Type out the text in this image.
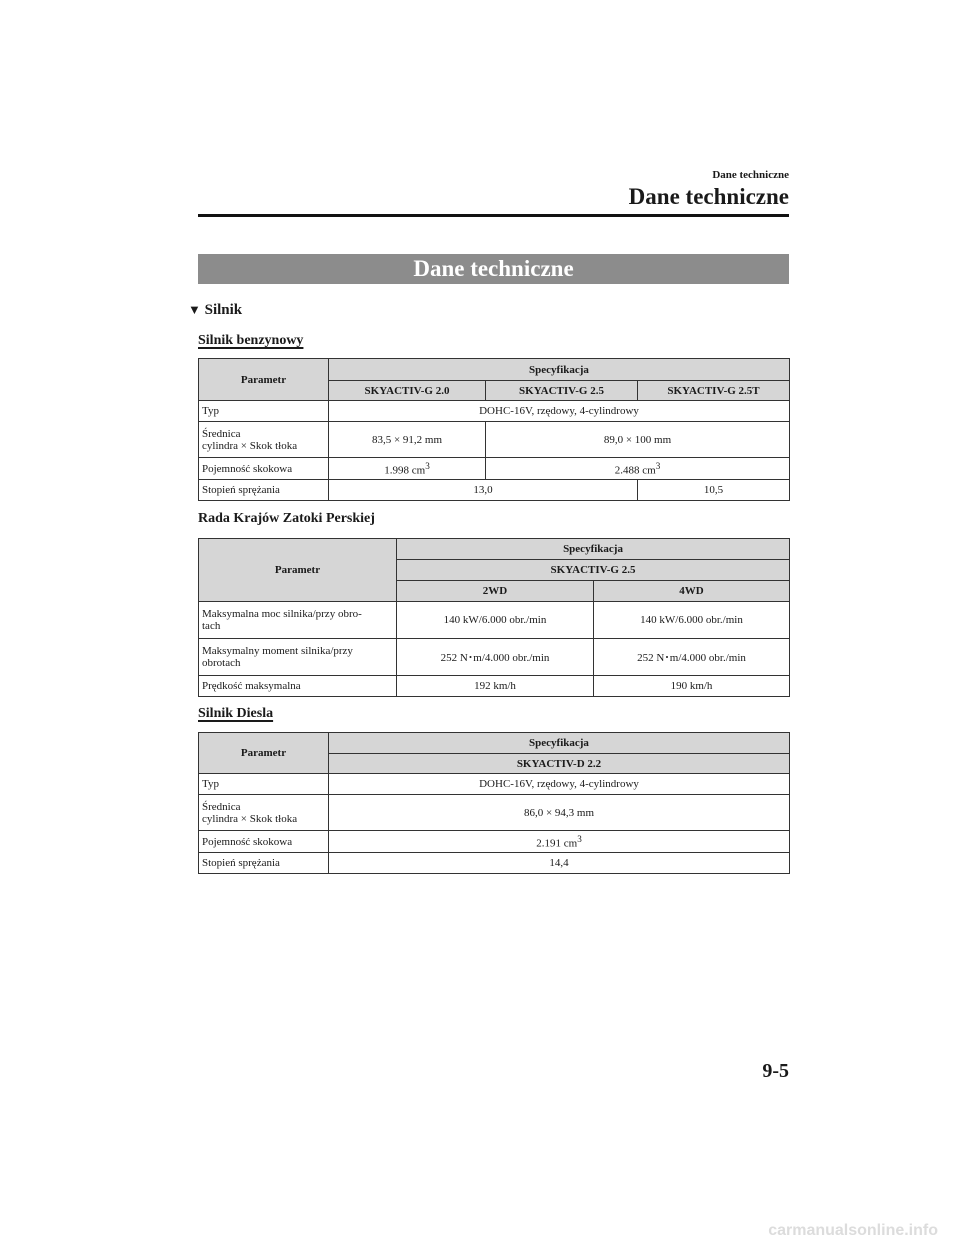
Dane techniczne
Dane techniczne
Dane techniczne
▼ Silnik
Silnik benzynowy
Parametr	Specyfikacja		
	SKYACTIV-G 2.0	SKYACTIV-G 2.5	SKYACTIV-G 2.5T
Typ	DOHC-16V, rzędowy, 4-cylindrowy		
Średnica
cylindra × Skok tłoka	83,5 × 91,2 mm	89,0 × 100 mm	
Pojemność skokowa	1.998 $cm^3$	2.488 $cm^3$
Stopień sprężania	13,0		10,5
Rada Krajów Zatoki Perskiej
Parametr	Specyfikacja	
	SKYACTIV-G 2.5	
	2WD	4WD
Maksymalna moc silnika/przy obro-
tach	140 kW/6.000 obr./min	140 kW/6.000 obr./min
Maksymalny moment silnika/przy
obrotach	252 N･m/4.000 obr./min	252 N･m/4.000 obr./min
Prędkość maksymalna	192 km/h	190 km/h
Silnik Diesla
Parametr	Specyfikacja
	SKYACTIV-D 2.2
Typ	DOHC-16V, rzędowy, 4-cylindrowy
Średnica
cylindra × Skok tłoka	86,0 × 94,3 mm
Pojemność skokowa	2.191 $cm^3$
Stopień sprężania	14,4
9-5
carmanualsonline.info
